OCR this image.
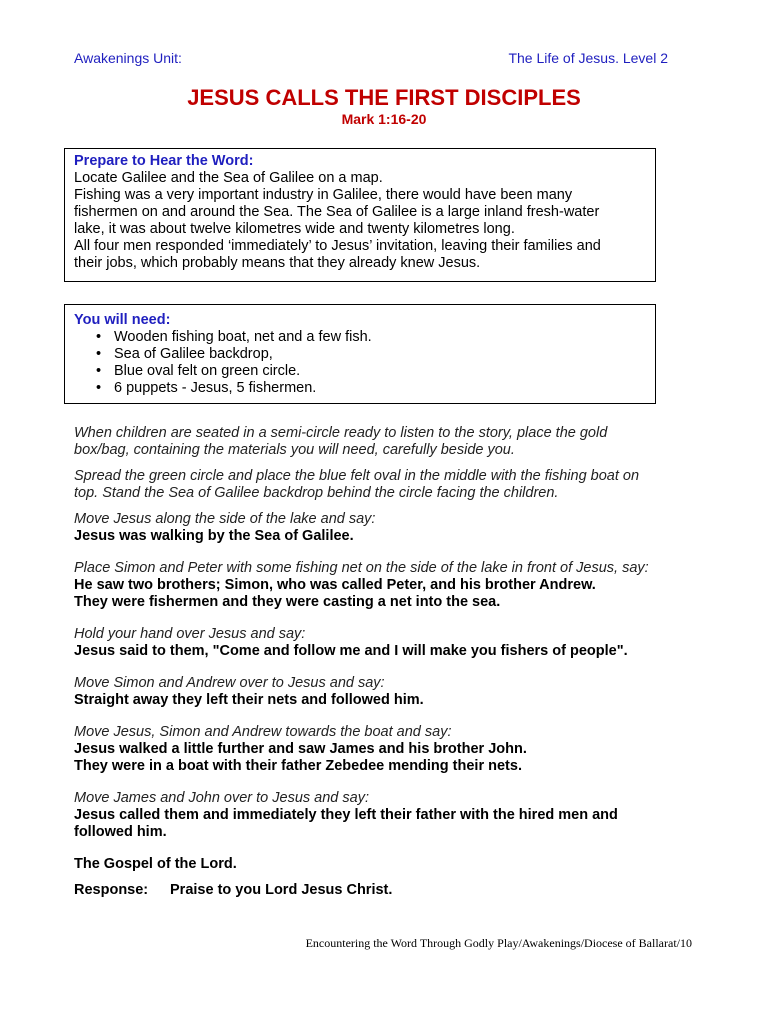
Awakenings Unit:	The Life of Jesus. Level 2
JESUS CALLS THE FIRST DISCIPLES
Mark 1:16-20
Prepare to Hear the Word:
Locate Galilee and the Sea of Galilee on a map.
Fishing was a very important industry in Galilee, there would have been many
fishermen on and around the Sea. The Sea of Galilee is a large inland fresh-water
lake, it was about twelve kilometres wide and twenty kilometres long.
All four men responded ‘immediately’ to Jesus’ invitation, leaving their families and
their jobs, which probably means that they already knew Jesus.
You will need:
• Wooden fishing boat, net and a few fish.
• Sea of Galilee backdrop,
• Blue oval felt on green circle.
• 6 puppets - Jesus, 5 fishermen.

When children are seated in a semi-circle ready to listen to the story, place the gold

box/bag, containing the materials you will need, carefully beside you.

Spread the green circle and place the blue felt oval in the middle with the fishing boat on

top. Stand the Sea of Galilee backdrop behind the circle facing the children.

Move Jesus along the side of the lake and say:

Jesus was walking by the Sea of Galilee.

Place Simon and Peter with some fishing net on the side of the lake in front of Jesus, say:

He saw two brothers; Simon, who was called Peter, and his brother Andrew.

They were fishermen and they were casting a net into the sea.

Hold your hand over Jesus and say:

Jesus said to them, "Come and follow me and I will make you fishers of people".

Move Simon and Andrew over to Jesus and say:

Straight away they left their nets and followed him.

Move Jesus, Simon and Andrew towards the boat and say:

Jesus walked a little further and saw James and his brother John.

They were in a boat with their father Zebedee mending their nets.

Move James and John over to Jesus and say:

Jesus called them and immediately they left their father with the hired men and

followed him.

The Gospel of the Lord.

Response: Praise to you Lord Jesus Christ.

Encountering the Word Through Godly Play/Awakenings/Diocese of Ballarat/10
